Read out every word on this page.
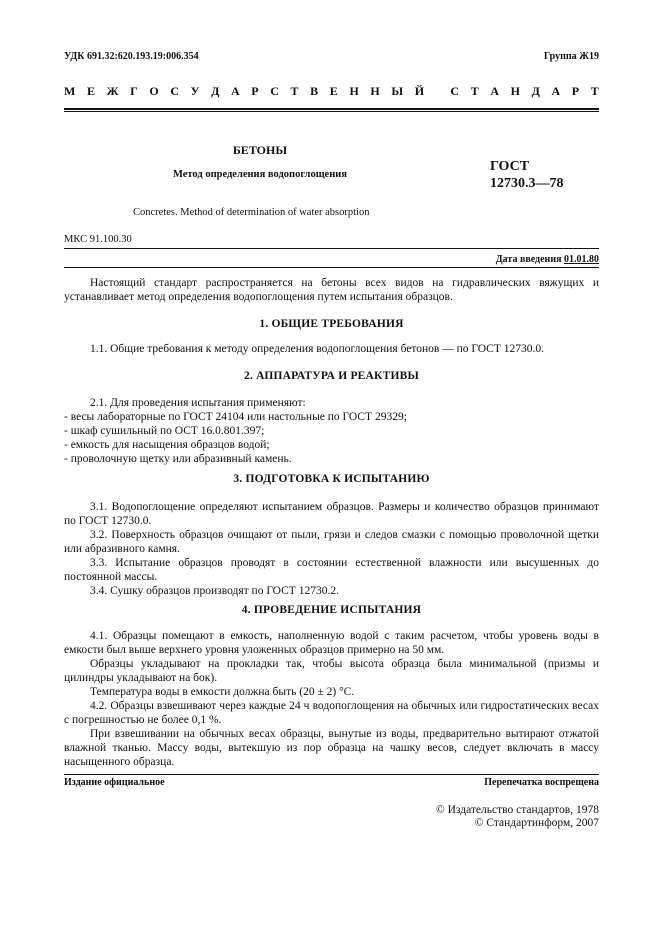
УДК 691.32:620.193.19:006.354	Группа Ж19
М Е Ж Г О С У Д А Р С Т В Е Н Н Ы Й
С Т А Н Д А Р Т
БЕТОНЫ
Метод определения водопоглощения
ГОСТ
12730.3—78
Concretes. Method of determination of water absorption
МКС 91.100.30
Дата введения 01.01.80

Настоящий стандарт распространяется на бетоны всех видов на гидравлических вяжущих и устанавливает метод определения водопоглощения путем испытания образцов.

1. ОБЩИЕ ТРЕБОВАНИЯ

1.1. Общие требования к методу определения водопоглощения бетонов — по ГОСТ 12730.0.

2. АППАРАТУРА И РЕАКТИВЫ

2.1. Для проведения испытания применяют:

- весы лабораторные по ГОСТ 24104 или настольные по ГОСТ 29329;

- шкаф сушильный по ОСТ 16.0.801.397;

- емкость для насыщения образцов водой;

- проволочную щетку или абразивный камень.

3. ПОДГОТОВКА К ИСПЫТАНИЮ

3.1. Водопоглощение определяют испытанием образцов. Размеры и количество образцов принимают по ГОСТ 12730.0.

3.2. Поверхность образцов очищают от пыли, грязи и следов смазки с помощью проволочной щетки или абразивного камня.

3.3. Испытание образцов проводят в состоянии естественной влажности или высушенных до постоянной массы.

3.4. Сушку образцов производят по ГОСТ 12730.2.

4. ПРОВЕДЕНИЕ ИСПЫТАНИЯ

4.1. Образцы помещают в емкость, наполненную водой с таким расчетом, чтобы уровень воды в емкости был выше верхнего уровня уложенных образцов примерно на 50 мм.

Образцы укладывают на прокладки так, чтобы высота образца была минимальной (призмы и цилиндры укладывают на бок).

Температура воды в емкости должна быть (20 ± 2) °С.

4.2. Образцы взвешивают через каждые 24 ч водопоглощения на обычных или гидростатических весах с погрешностью не более 0,1 %.

При взвешивании на обычных весах образцы, вынутые из воды, предварительно вытирают отжатой влажной тканью. Массу воды, вытекшую из пор образца на чашку весов, следует включать в массу насыщенного образца.

Издание официальное	Перепечатка воспрещена
© Издательство стандартов, 1978
© Стандартинформ, 2007
